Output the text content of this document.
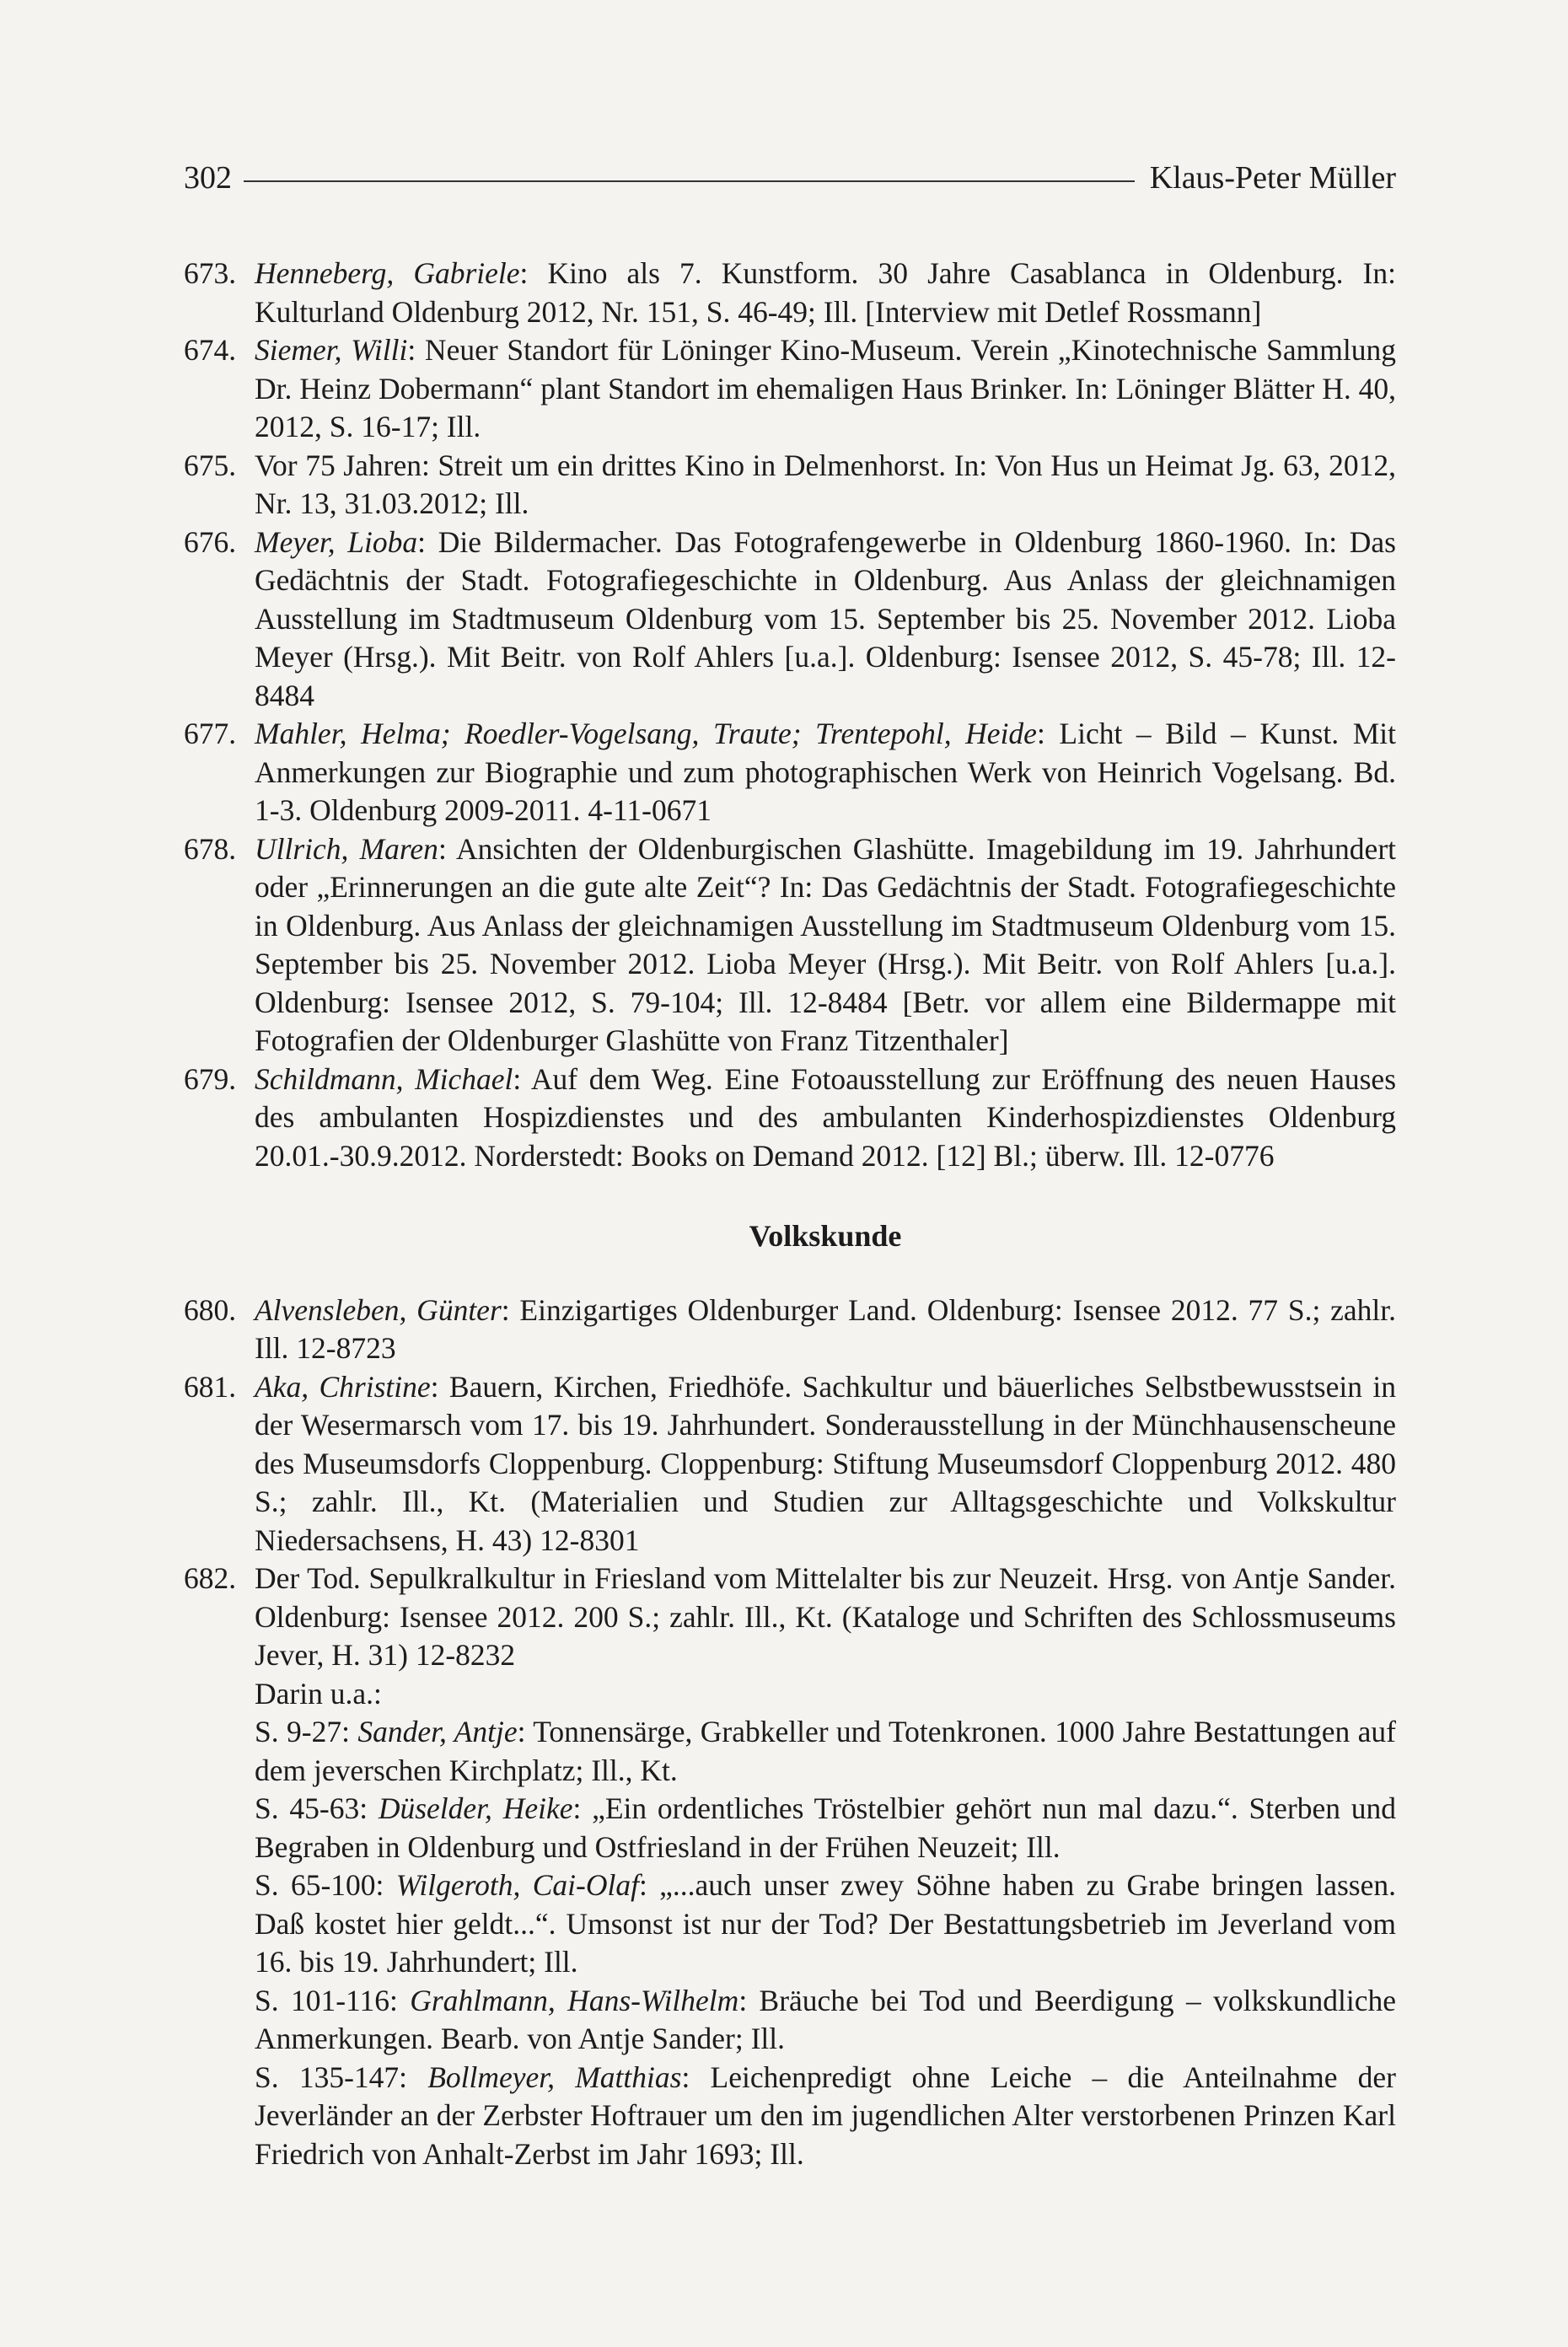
302	Klaus-Peter Müller
673. Henneberg, Gabriele: Kino als 7. Kunstform. 30 Jahre Casablanca in Oldenburg. In: Kulturland Oldenburg 2012, Nr. 151, S. 46-49; Ill. [Interview mit Detlef Rossmann]
674. Siemer, Willi: Neuer Standort für Löninger Kino-Museum. Verein „Kinotechnische Sammlung Dr. Heinz Dobermann“ plant Standort im ehemaligen Haus Brinker. In: Löninger Blätter H. 40, 2012, S. 16-17; Ill.
675. Vor 75 Jahren: Streit um ein drittes Kino in Delmenhorst. In: Von Hus un Heimat Jg. 63, 2012, Nr. 13, 31.03.2012; Ill.
676. Meyer, Lioba: Die Bildermacher. Das Fotografengewerbe in Oldenburg 1860-1960. In: Das Gedächtnis der Stadt. Fotografiegeschichte in Oldenburg. Aus Anlass der gleichnamigen Ausstellung im Stadtmuseum Oldenburg vom 15. September bis 25. November 2012. Lioba Meyer (Hrsg.). Mit Beitr. von Rolf Ahlers [u.a.]. Oldenburg: Isensee 2012, S. 45-78; Ill. 12-8484
677. Mahler, Helma; Roedler-Vogelsang, Traute; Trentepohl, Heide: Licht – Bild – Kunst. Mit Anmerkungen zur Biographie und zum photographischen Werk von Heinrich Vogelsang. Bd. 1-3. Oldenburg 2009-2011. 4-11-0671
678. Ullrich, Maren: Ansichten der Oldenburgischen Glashütte. Imagebildung im 19. Jahrhundert oder „Erinnerungen an die gute alte Zeit“? In: Das Gedächtnis der Stadt. Fotografiegeschichte in Oldenburg. Aus Anlass der gleichnamigen Ausstellung im Stadtmuseum Oldenburg vom 15. September bis 25. November 2012. Lioba Meyer (Hrsg.). Mit Beitr. von Rolf Ahlers [u.a.]. Oldenburg: Isensee 2012, S. 79-104; Ill. 12-8484 [Betr. vor allem eine Bildermappe mit Fotografien der Oldenburger Glashütte von Franz Titzenthaler]
679. Schildmann, Michael: Auf dem Weg. Eine Fotoausstellung zur Eröffnung des neuen Hauses des ambulanten Hospizdienstes und des ambulanten Kinderhospizdienstes Oldenburg 20.01.-30.9.2012. Norderstedt: Books on Demand 2012. [12] Bl.; überw. Ill. 12-0776
Volkskunde
680. Alvensleben, Günter: Einzigartiges Oldenburger Land. Oldenburg: Isensee 2012. 77 S.; zahlr. Ill. 12-8723
681. Aka, Christine: Bauern, Kirchen, Friedhöfe. Sachkultur und bäuerliches Selbstbewusstsein in der Wesermarsch vom 17. bis 19. Jahrhundert. Sonderausstellung in der Münchhausenscheune des Museumsdorfs Cloppenburg. Cloppenburg: Stiftung Museumsdorf Cloppenburg 2012. 480 S.; zahlr. Ill., Kt. (Materialien und Studien zur Alltagsgeschichte und Volkskultur Niedersachsens, H. 43) 12-8301
682. Der Tod. Sepulkralkultur in Friesland vom Mittelalter bis zur Neuzeit. Hrsg. von Antje Sander. Oldenburg: Isensee 2012. 200 S.; zahlr. Ill., Kt. (Kataloge und Schriften des Schlossmuseums Jever, H. 31) 12-8232

Darin u.a.:

S. 9-27: Sander, Antje: Tonnensärge, Grabkeller und Totenkronen. 1000 Jahre Bestattungen auf dem jeverschen Kirchplatz; Ill., Kt.

S. 45-63: Düselder, Heike: „Ein ordentliches Tröstelbier gehört nun mal dazu.“. Sterben und Begraben in Oldenburg und Ostfriesland in der Frühen Neuzeit; Ill.

S. 65-100: Wilgeroth, Cai-Olaf: „...auch unser zwey Söhne haben zu Grabe bringen lassen. Daß kostet hier geldt...“. Umsonst ist nur der Tod? Der Bestattungsbetrieb im Jeverland vom 16. bis 19. Jahrhundert; Ill.

S. 101-116: Grahlmann, Hans-Wilhelm: Bräuche bei Tod und Beerdigung – volkskundliche Anmerkungen. Bearb. von Antje Sander; Ill.

S. 135-147: Bollmeyer, Matthias: Leichenpredigt ohne Leiche – die Anteilnahme der Jeverländer an der Zerbster Hoftrauer um den im jugendlichen Alter verstorbenen Prinzen Karl Friedrich von Anhalt-Zerbst im Jahr 1693; Ill.
